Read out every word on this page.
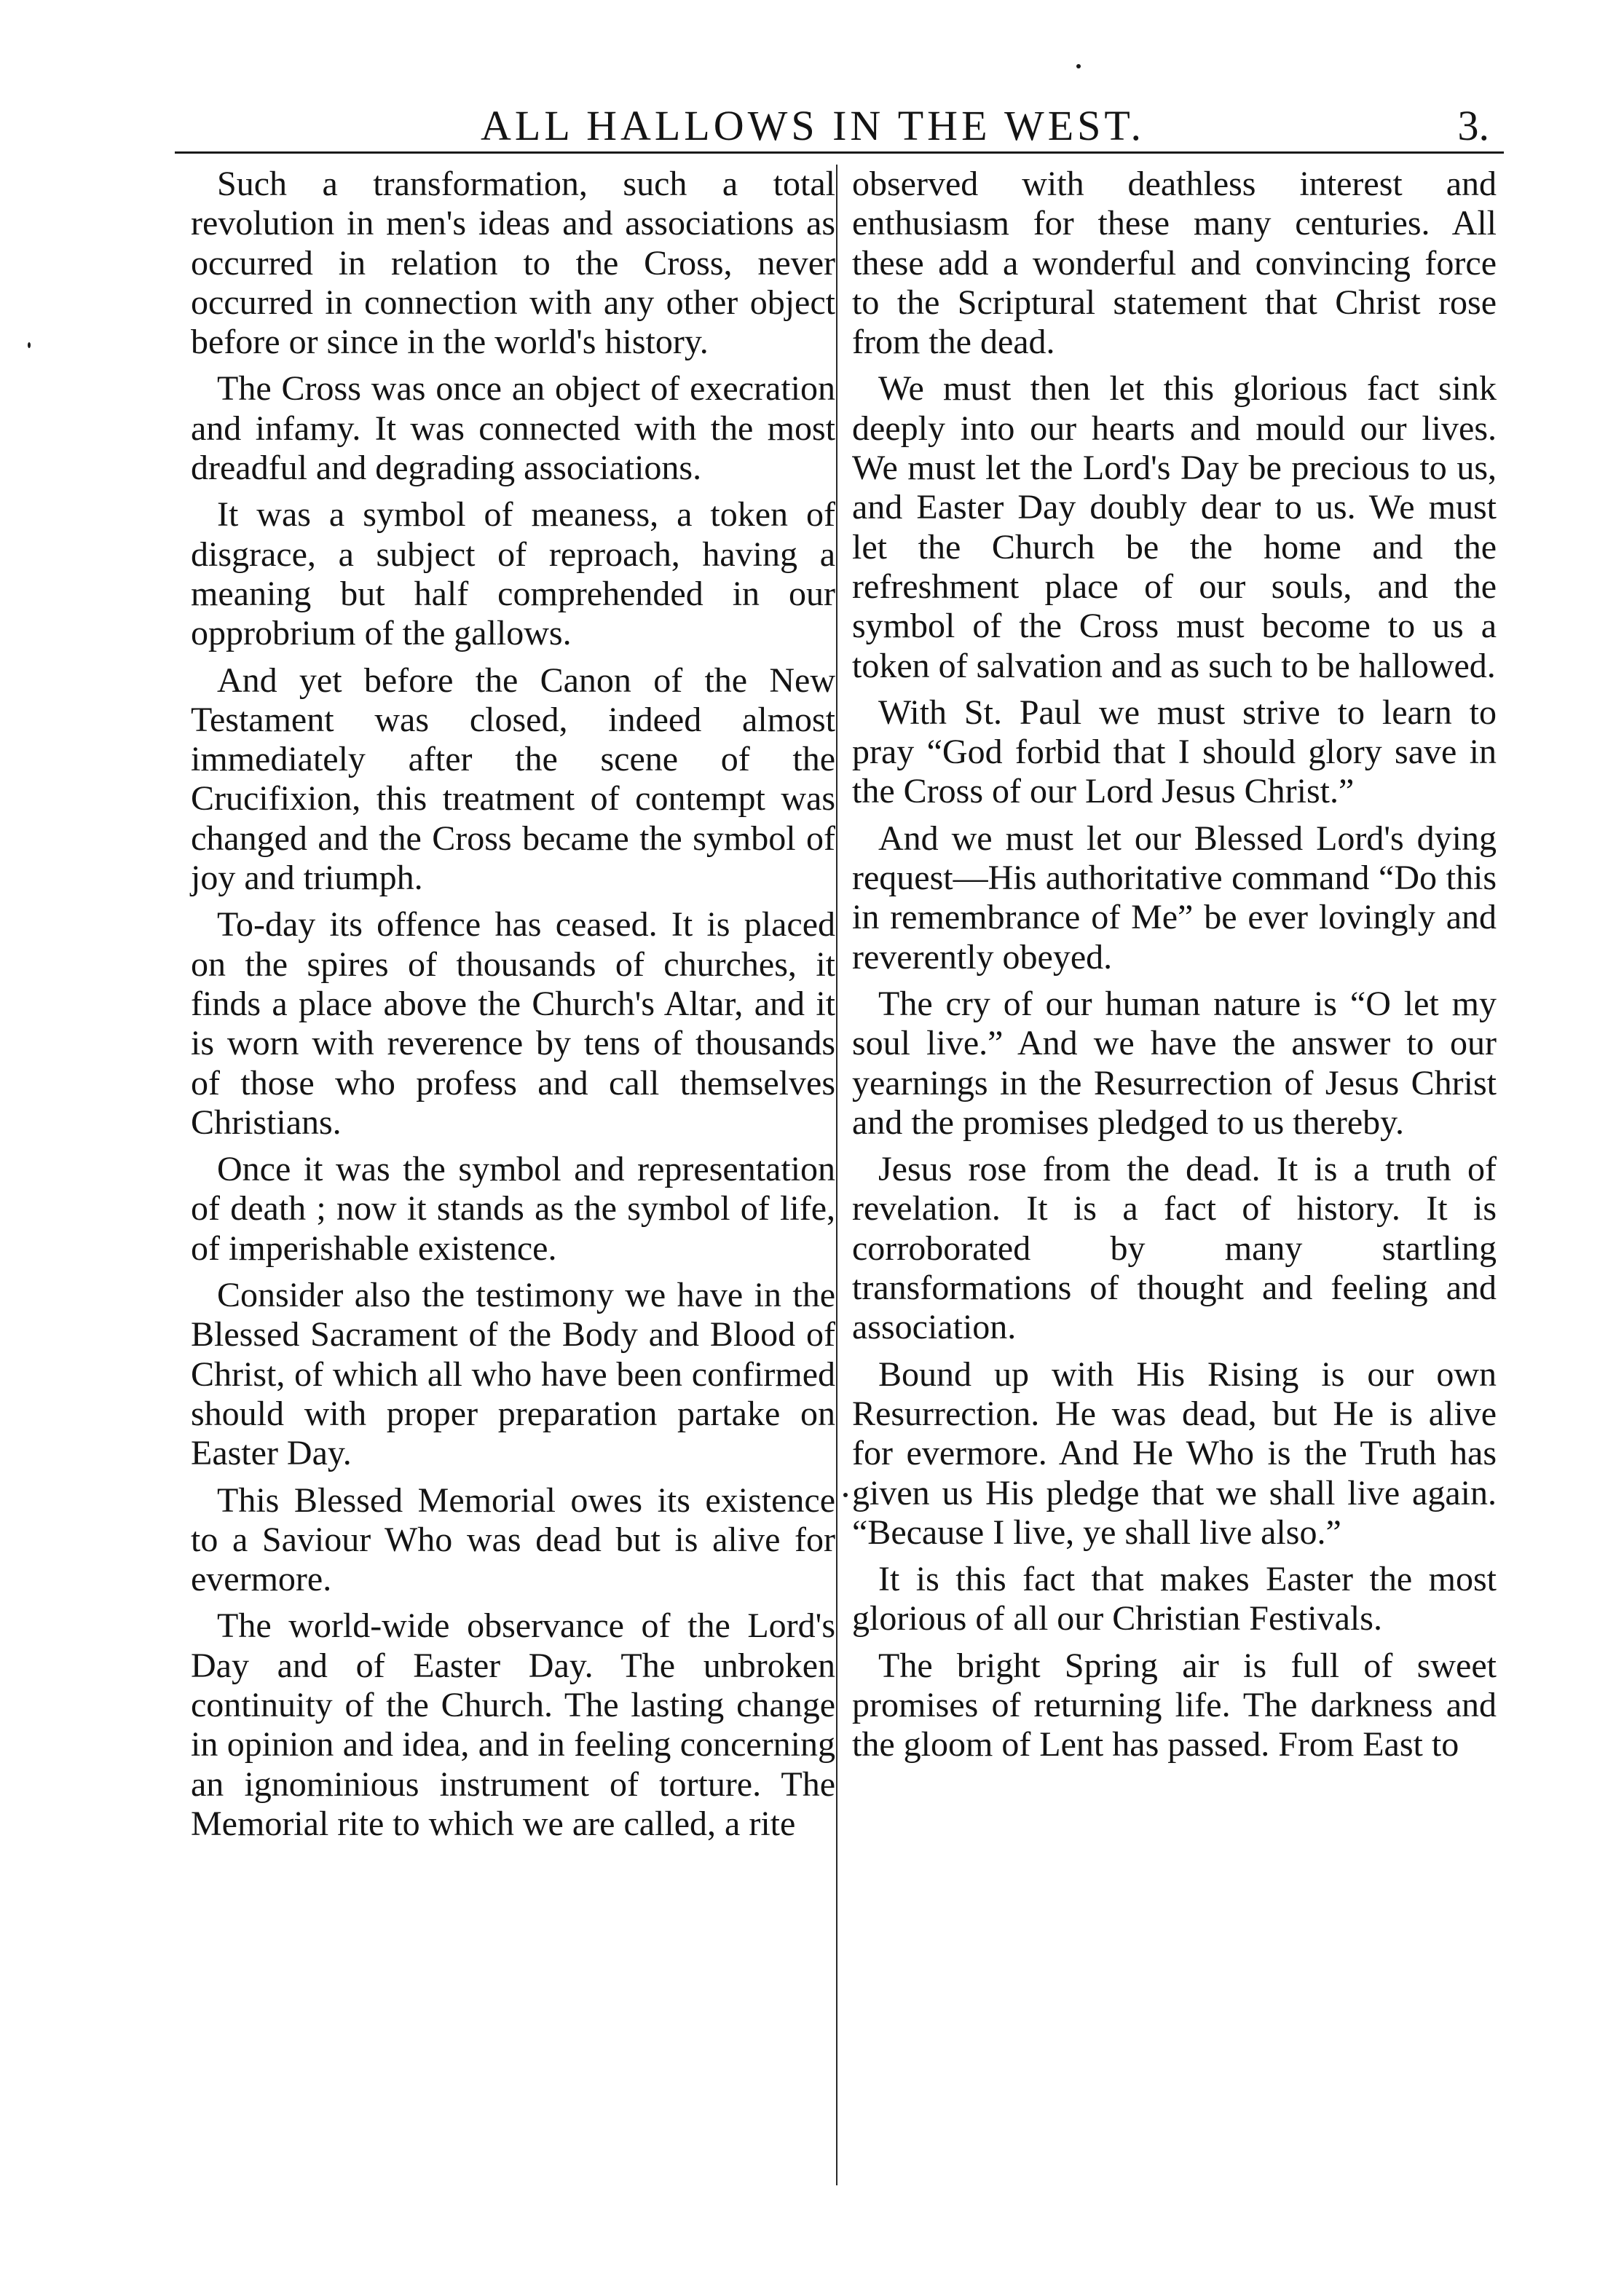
ALL HALLOWS IN THE WEST.	3.

Such a transformation, such a total revolution in men's ideas and associations as occurred in relation to the Cross, never occurred in connection with any other object before or since in the world's history.

The Cross was once an object of execration and infamy. It was connected with the most dreadful and degrading associations.

It was a symbol of meaness, a token of disgrace, a subject of reproach, having a meaning but half comprehended in our opprobrium of the gallows.

And yet before the Canon of the New Testament was closed, indeed almost immediately after the scene of the Crucifixion, this treatment of contempt was changed and the Cross became the symbol of joy and triumph.

To-day its offence has ceased. It is placed on the spires of thousands of churches, it finds a place above the Church's Altar, and it is worn with reverence by tens of thousands of those who profess and call themselves Christians.

Once it was the symbol and representation of death ; now it stands as the symbol of life, of imperishable existence.

Consider also the testimony we have in the Blessed Sacrament of the Body and Blood of Christ, of which all who have been confirmed should with proper preparation partake on Easter Day.

This Blessed Memorial owes its existence to a Saviour Who was dead but is alive for evermore.

The world-wide observance of the Lord's Day and of Easter Day. The unbroken continuity of the Church. The lasting change in opinion and idea, and in feeling concerning an ignominious instrument of torture. The Memorial rite to which we are called, a rite

observed with deathless interest and enthusiasm for these many centuries. All these add a wonderful and convincing force to the Scriptural statement that Christ rose from the dead.

We must then let this glorious fact sink deeply into our hearts and mould our lives. We must let the Lord's Day be precious to us, and Easter Day doubly dear to us. We must let the Church be the home and the refreshment place of our souls, and the symbol of the Cross must become to us a token of salvation and as such to be hallowed.

With St. Paul we must strive to learn to pray “God forbid that I should glory save in the Cross of our Lord Jesus Christ.”

And we must let our Blessed Lord's dying request—His authoritative command “Do this in remembrance of Me” be ever lovingly and reverently obeyed.

The cry of our human nature is “O let my soul live.” And we have the answer to our yearnings in the Resurrection of Jesus Christ and the promises pledged to us thereby.

Jesus rose from the dead. It is a truth of revelation. It is a fact of history. It is corroborated by many startling transformations of thought and feeling and association.

Bound up with His Rising is our own Resurrection. He was dead, but He is alive for evermore. And He Who is the Truth has given us His pledge that we shall live again. “Because I live, ye shall live also.”

It is this fact that makes Easter the most glorious of all our Christian Festivals.

The bright Spring air is full of sweet promises of returning life. The darkness and the gloom of Lent has passed. From East to
